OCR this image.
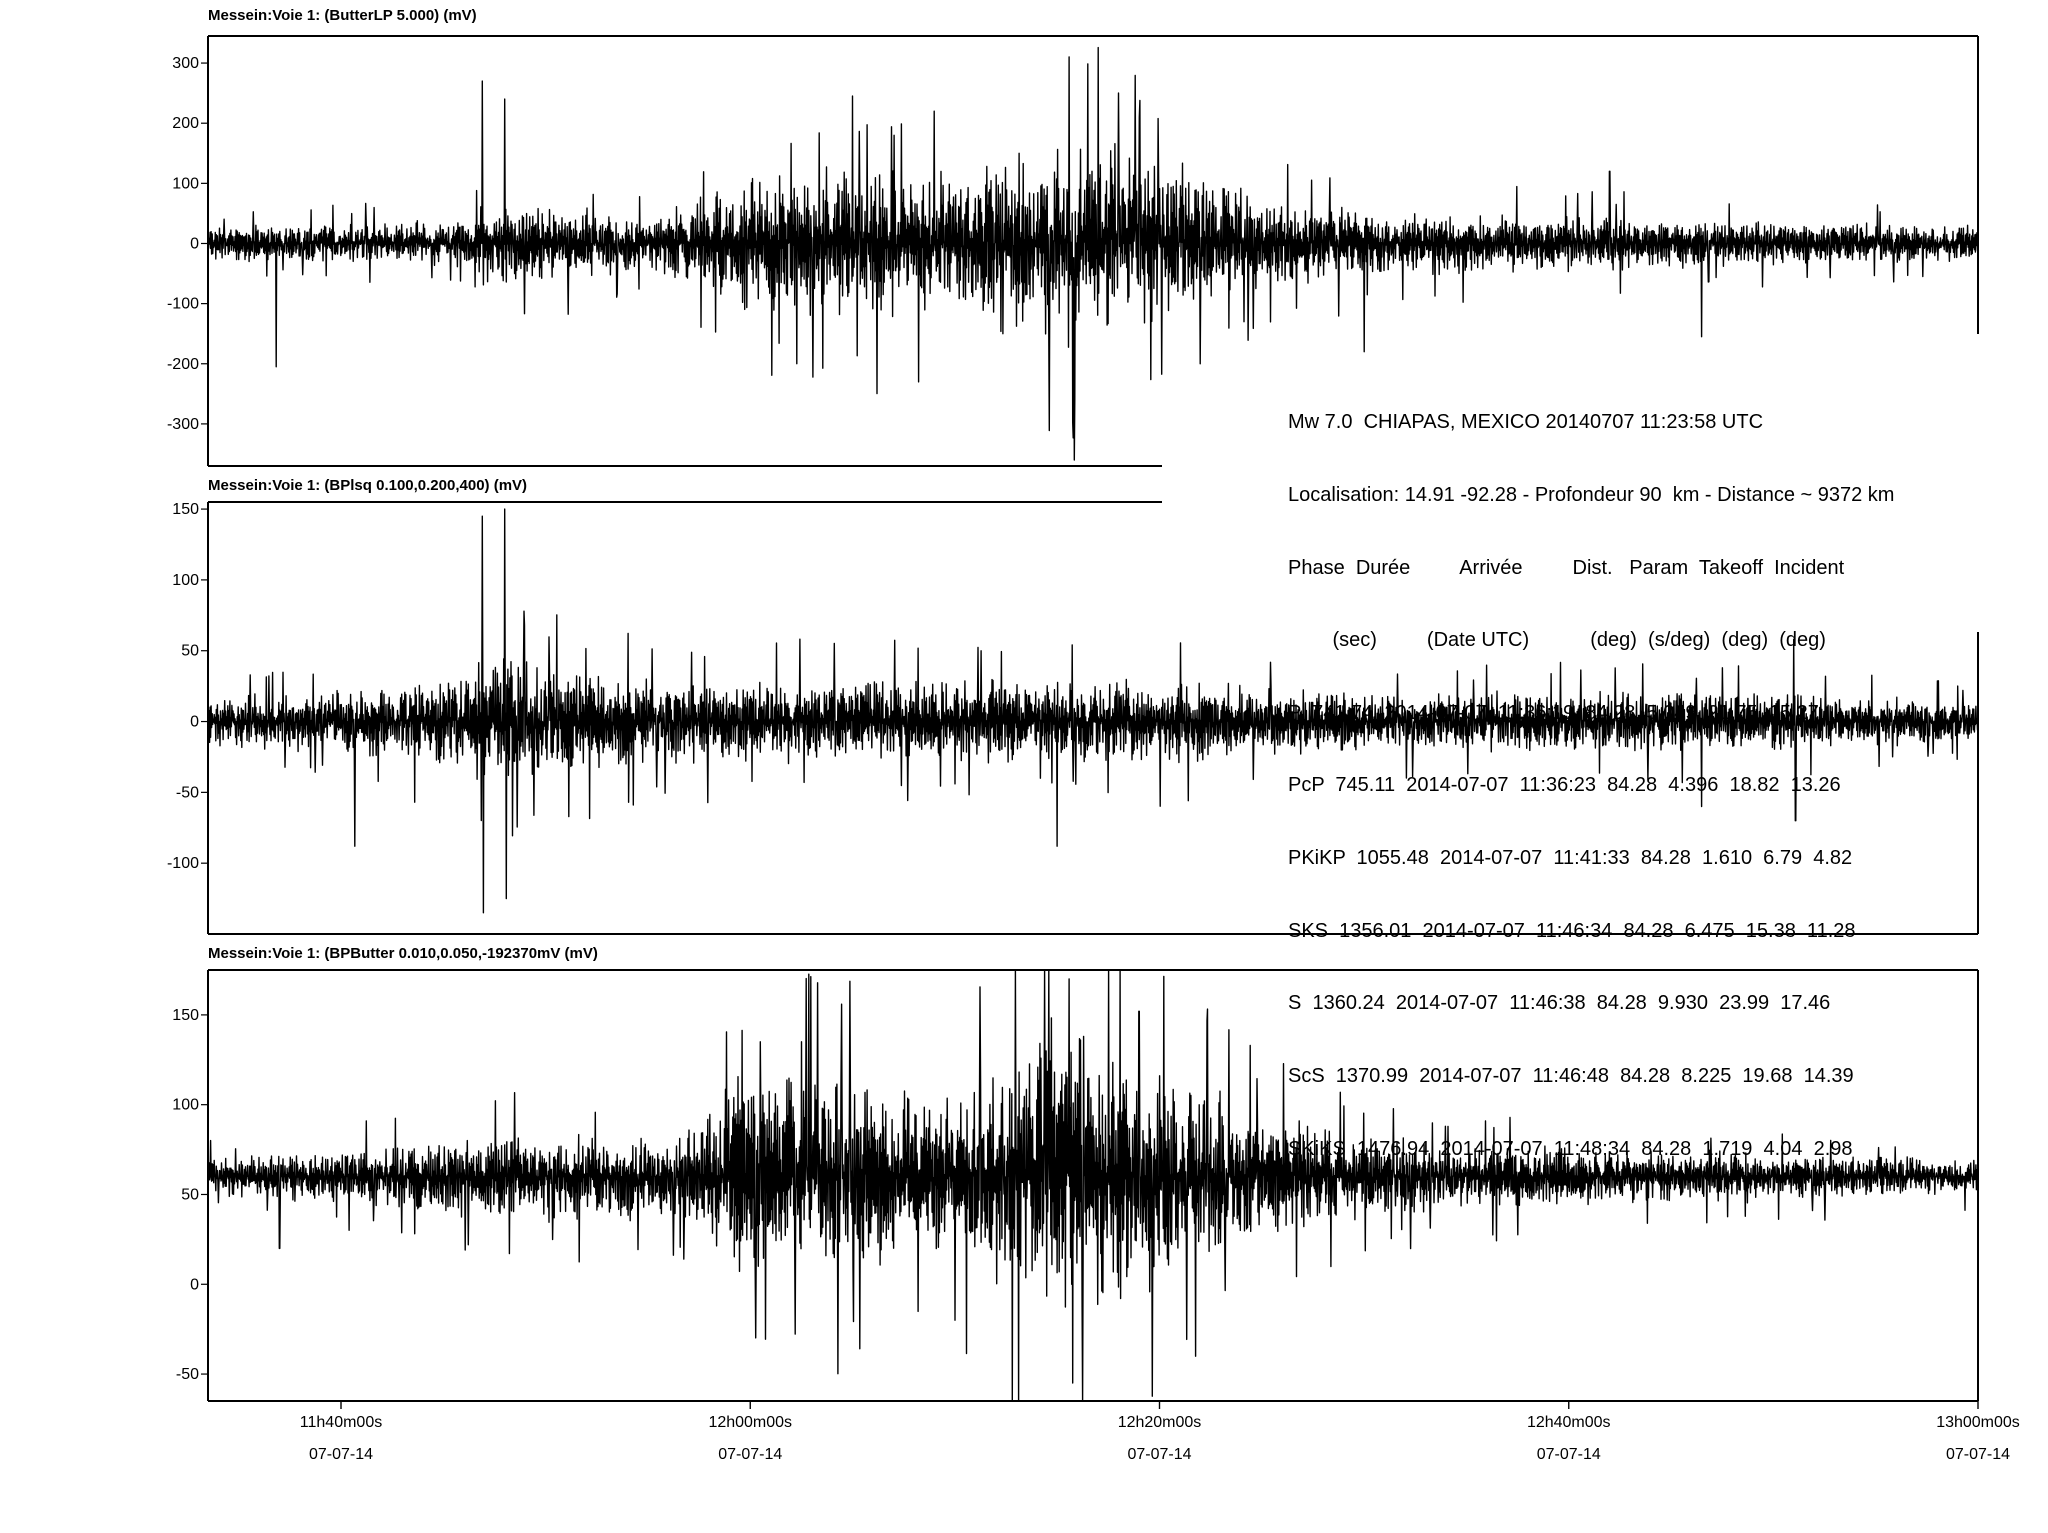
Messein:Voie 1: (ButterLP 5.000) (mV)
300
200
100
0
-100
-200
-300
Messein:Voie 1: (BPlsq 0.100,0.200,400) (mV)
150
100
50
0
-50
-100
Messein:Voie 1: (BPButter 0.010,0.050,-192370mV (mV)
150
100
50
0
-50
11h40m00s
07-07-14
12h00m00s
07-07-14
12h20m00s
07-07-14
12h40m00s
07-07-14
13h00m00s
07-07-14

Mw 7.0  CHIAPAS, MEXICO 20140707 11:23:58 UTC

Localisation: 14.91 -92.28 - Profondeur 90  km - Distance ~ 9372 km

Phase  Durée         Arrivée         Dist.   Param  Takeoff  Incident

(sec)         (Date UTC)           (deg)  (s/deg)  (deg)  (deg)

P  741.74  2014-07-07  11:36:19  84.28  5.049  21.75  15.27

PcP  745.11  2014-07-07  11:36:23  84.28  4.396  18.82  13.26

PKiKP  1055.48  2014-07-07  11:41:33  84.28  1.610  6.79  4.82

SKS  1356.01  2014-07-07  11:46:34  84.28  6.475  15.38  11.28

S  1360.24  2014-07-07  11:46:38  84.28  9.930  23.99  17.46

ScS  1370.99  2014-07-07  11:46:48  84.28  8.225  19.68  14.39

SKiKS  1476.94  2014-07-07  11:48:34  84.28  1.719  4.04  2.98
